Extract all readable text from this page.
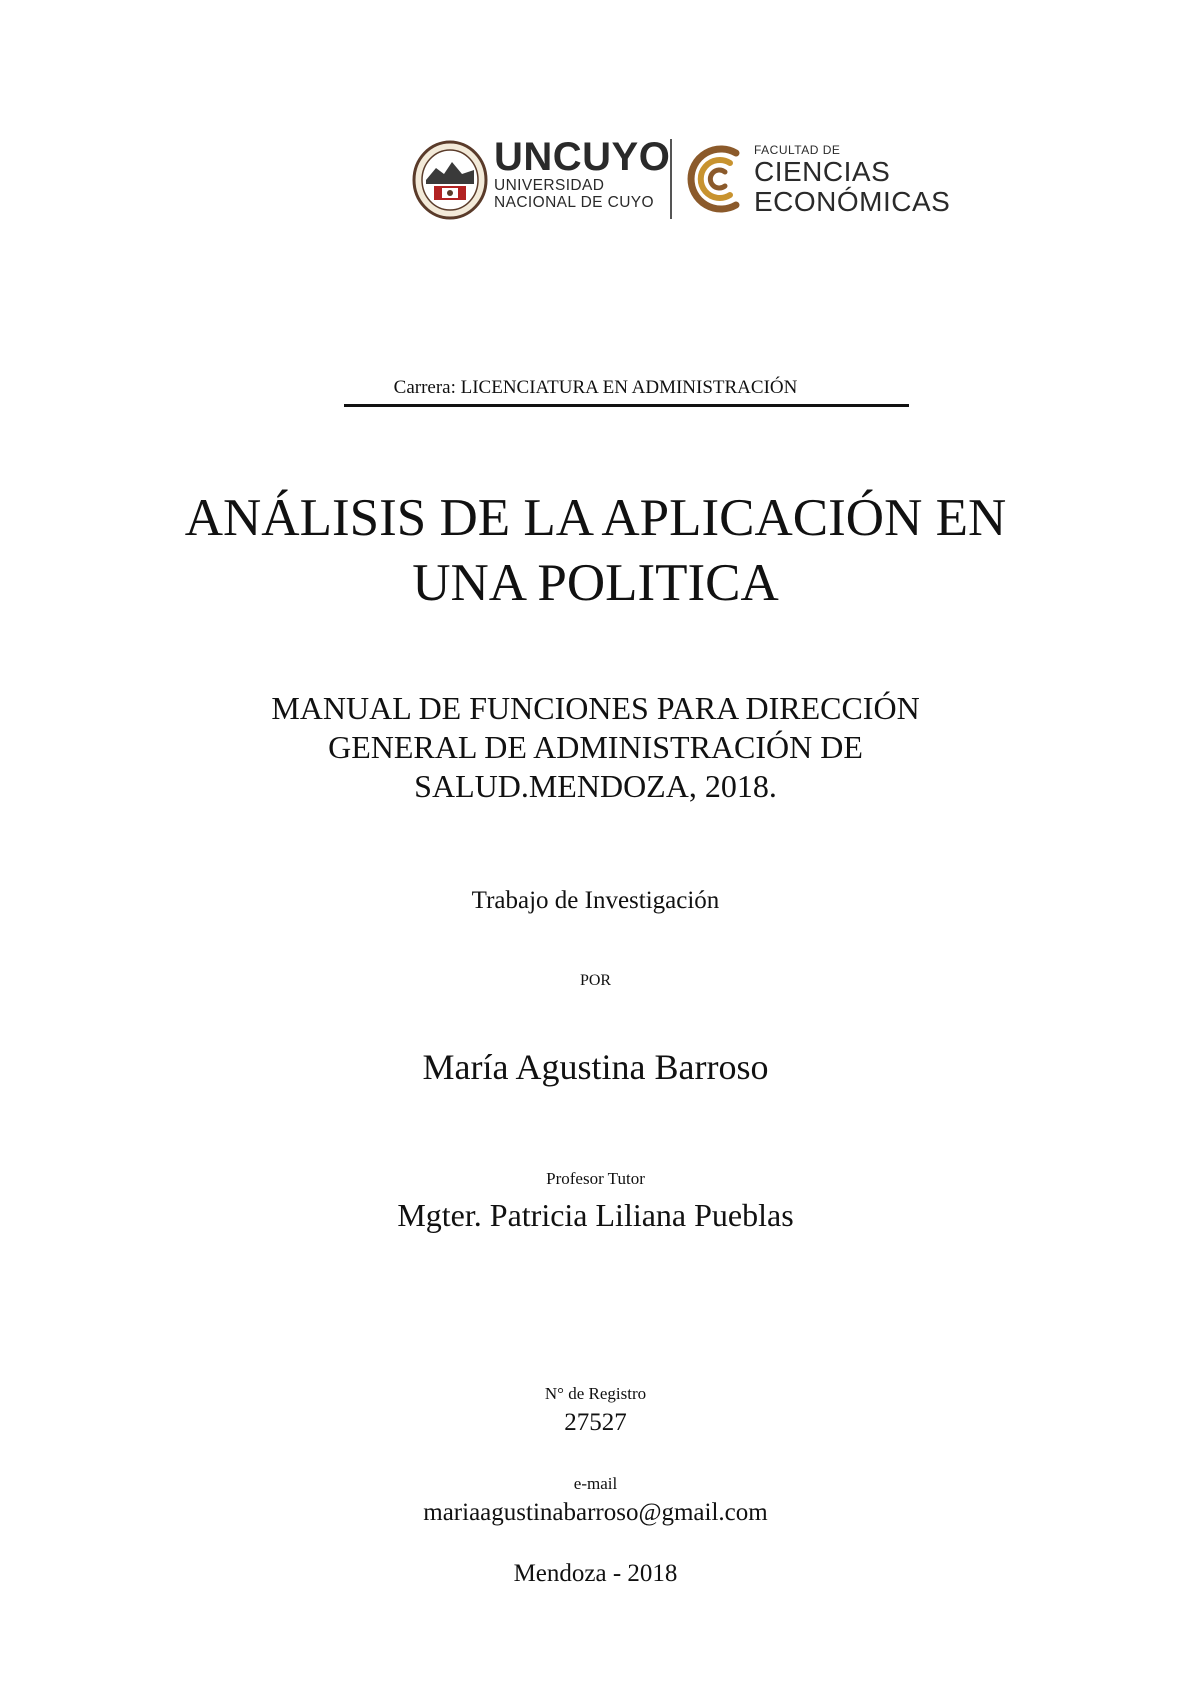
UNCUYO
UNIVERSIDAD
NACIONAL DE CUYO
FACULTAD DE
CIENCIAS
ECONÓMICAS
Carrera: LICENCIATURA EN ADMINISTRACIÓN
ANÁLISIS DE LA APLICACIÓN EN
UNA POLITICA
MANUAL DE FUNCIONES PARA DIRECCIÓN
GENERAL DE ADMINISTRACIÓN DE
SALUD.MENDOZA, 2018.
Trabajo de Investigación
POR
María Agustina Barroso
Profesor Tutor
Mgter. Patricia Liliana Pueblas
N° de Registro
27527
e-mail
mariaagustinabarroso@gmail.com
Mendoza - 2018
